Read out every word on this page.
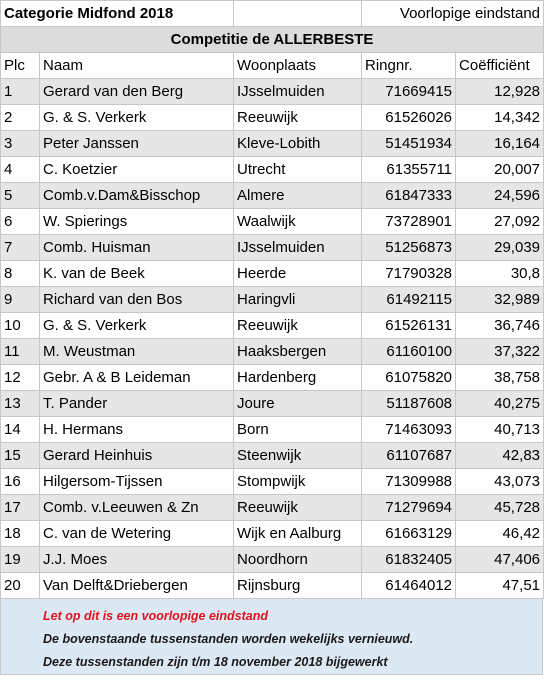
Categorie Midfond 2018			Voorlopige eindstand	
Competitie de ALLERBESTE				
Plc	Naam	Woonplaats	Ringnr.	Coëfficiënt
1	Gerard van den Berg	IJsselmuiden	71669415	12,928
2	G. & S. Verkerk	Reeuwijk	61526026	14,342
3	Peter Janssen	Kleve-Lobith	51451934	16,164
4	C. Koetzier	Utrecht	61355711	20,007
5	Comb.v.Dam&Bisschop	Almere	61847333	24,596
6	W. Spierings	Waalwijk	73728901	27,092
7	Comb. Huisman	IJsselmuiden	51256873	29,039
8	K. van de Beek	Heerde	71790328	30,8
9	Richard van den Bos	Haringvli	61492115	32,989
10	G. & S. Verkerk	Reeuwijk	61526131	36,746
11	M. Weustman	Haaksbergen	61160100	37,322
12	Gebr. A & B Leideman	Hardenberg	61075820	38,758
13	T. Pander	Joure	51187608	40,275
14	H. Hermans	Born	71463093	40,713
15	Gerard Heinhuis	Steenwijk	61107687	42,83
16	Hilgersom-Tijssen	Stompwijk	71309988	43,073
17	Comb. v.Leeuwen & Zn	Reeuwijk	71279694	45,728
18	C. van de Wetering	Wijk en Aalburg	61663129	46,42
19	J.J. Moes	Noordhorn	61832405	47,406
20	Van Delft&Driebergen	Rijnsburg	61464012	47,51
Let op dit is een voorlopige eindstand
De bovenstaande tussenstanden worden wekelijks vernieuwd.
Deze tussenstanden zijn t/m 18 november 2018 bijgewerkt
